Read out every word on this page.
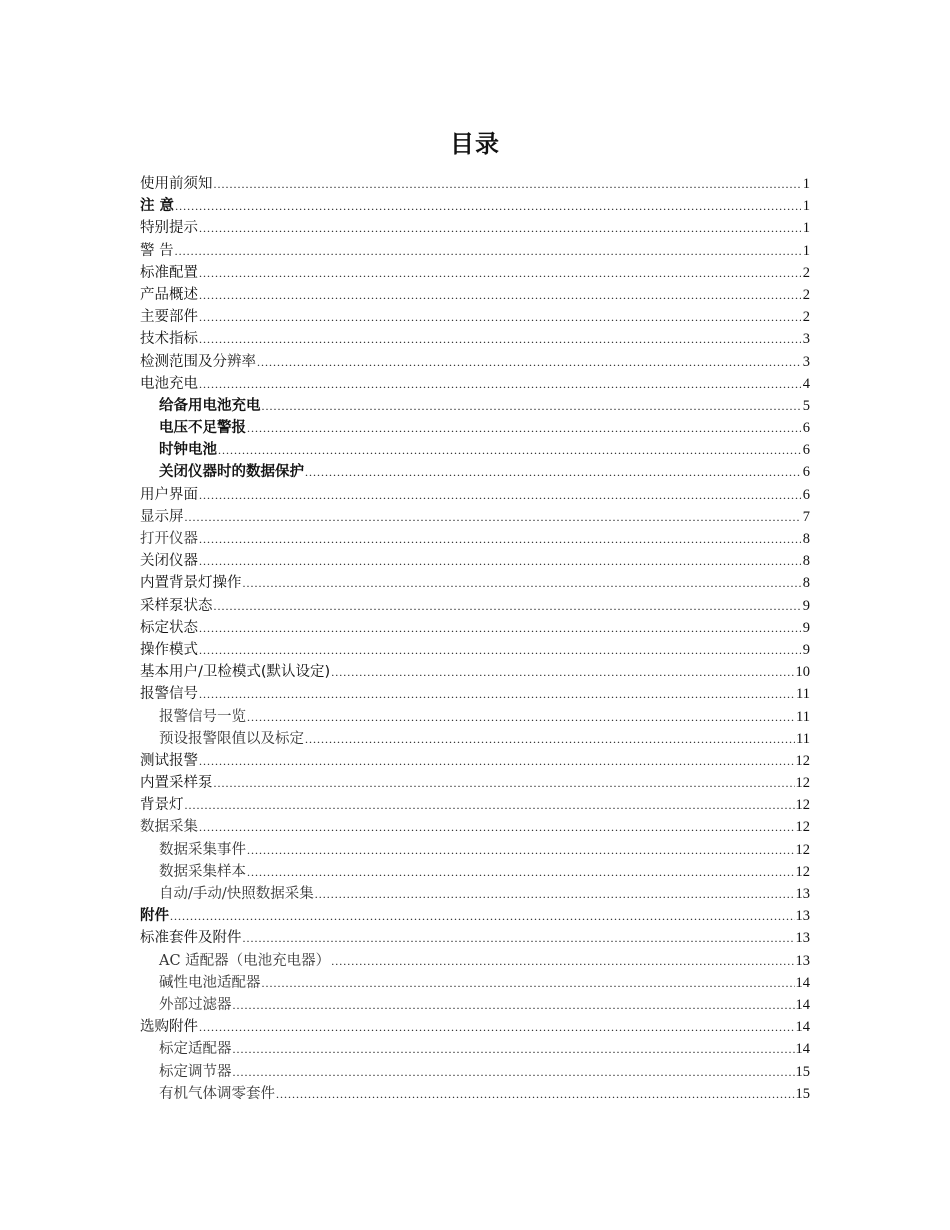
目录
使用前须知 .....	1
注 意 .....	1
特别提示 .....	1
警 告 .....	1
标准配置 .....	2
产品概述 .....	2
主要部件 .....	2
技术指标 .....	3
检测范围及分辨率 .....	3
电池充电 .....	4
给备用电池充电 .....	5
电压不足警报 .....	6
时钟电池 .....	6
关闭仪器时的数据保护 .....	6
用户界面 .....	6
显示屏 .....	7
打开仪器 .....	8
关闭仪器 .....	8
内置背景灯操作 .....	8
采样泵状态 .....	9
标定状态 .....	9
操作模式 .....	9
基本用户/卫检模式(默认设定) .....	10
报警信号 .....	11
报警信号一览 .....	11
预设报警限值以及标定 .....	11
测试报警 .....	12
内置采样泵 .....	12
背景灯 .....	12
数据采集 .....	12
数据采集事件 .....	12
数据采集样本 .....	12
自动/手动/快照数据采集 .....	13
附件 .....	13
标准套件及附件 .....	13
AC 适配器（电池充电器） .....	13
碱性电池适配器 .....	14
外部过滤器 .....	14
选购附件 .....	14
标定适配器 .....	14
标定调节器 .....	15
有机气体调零套件 .....	15
